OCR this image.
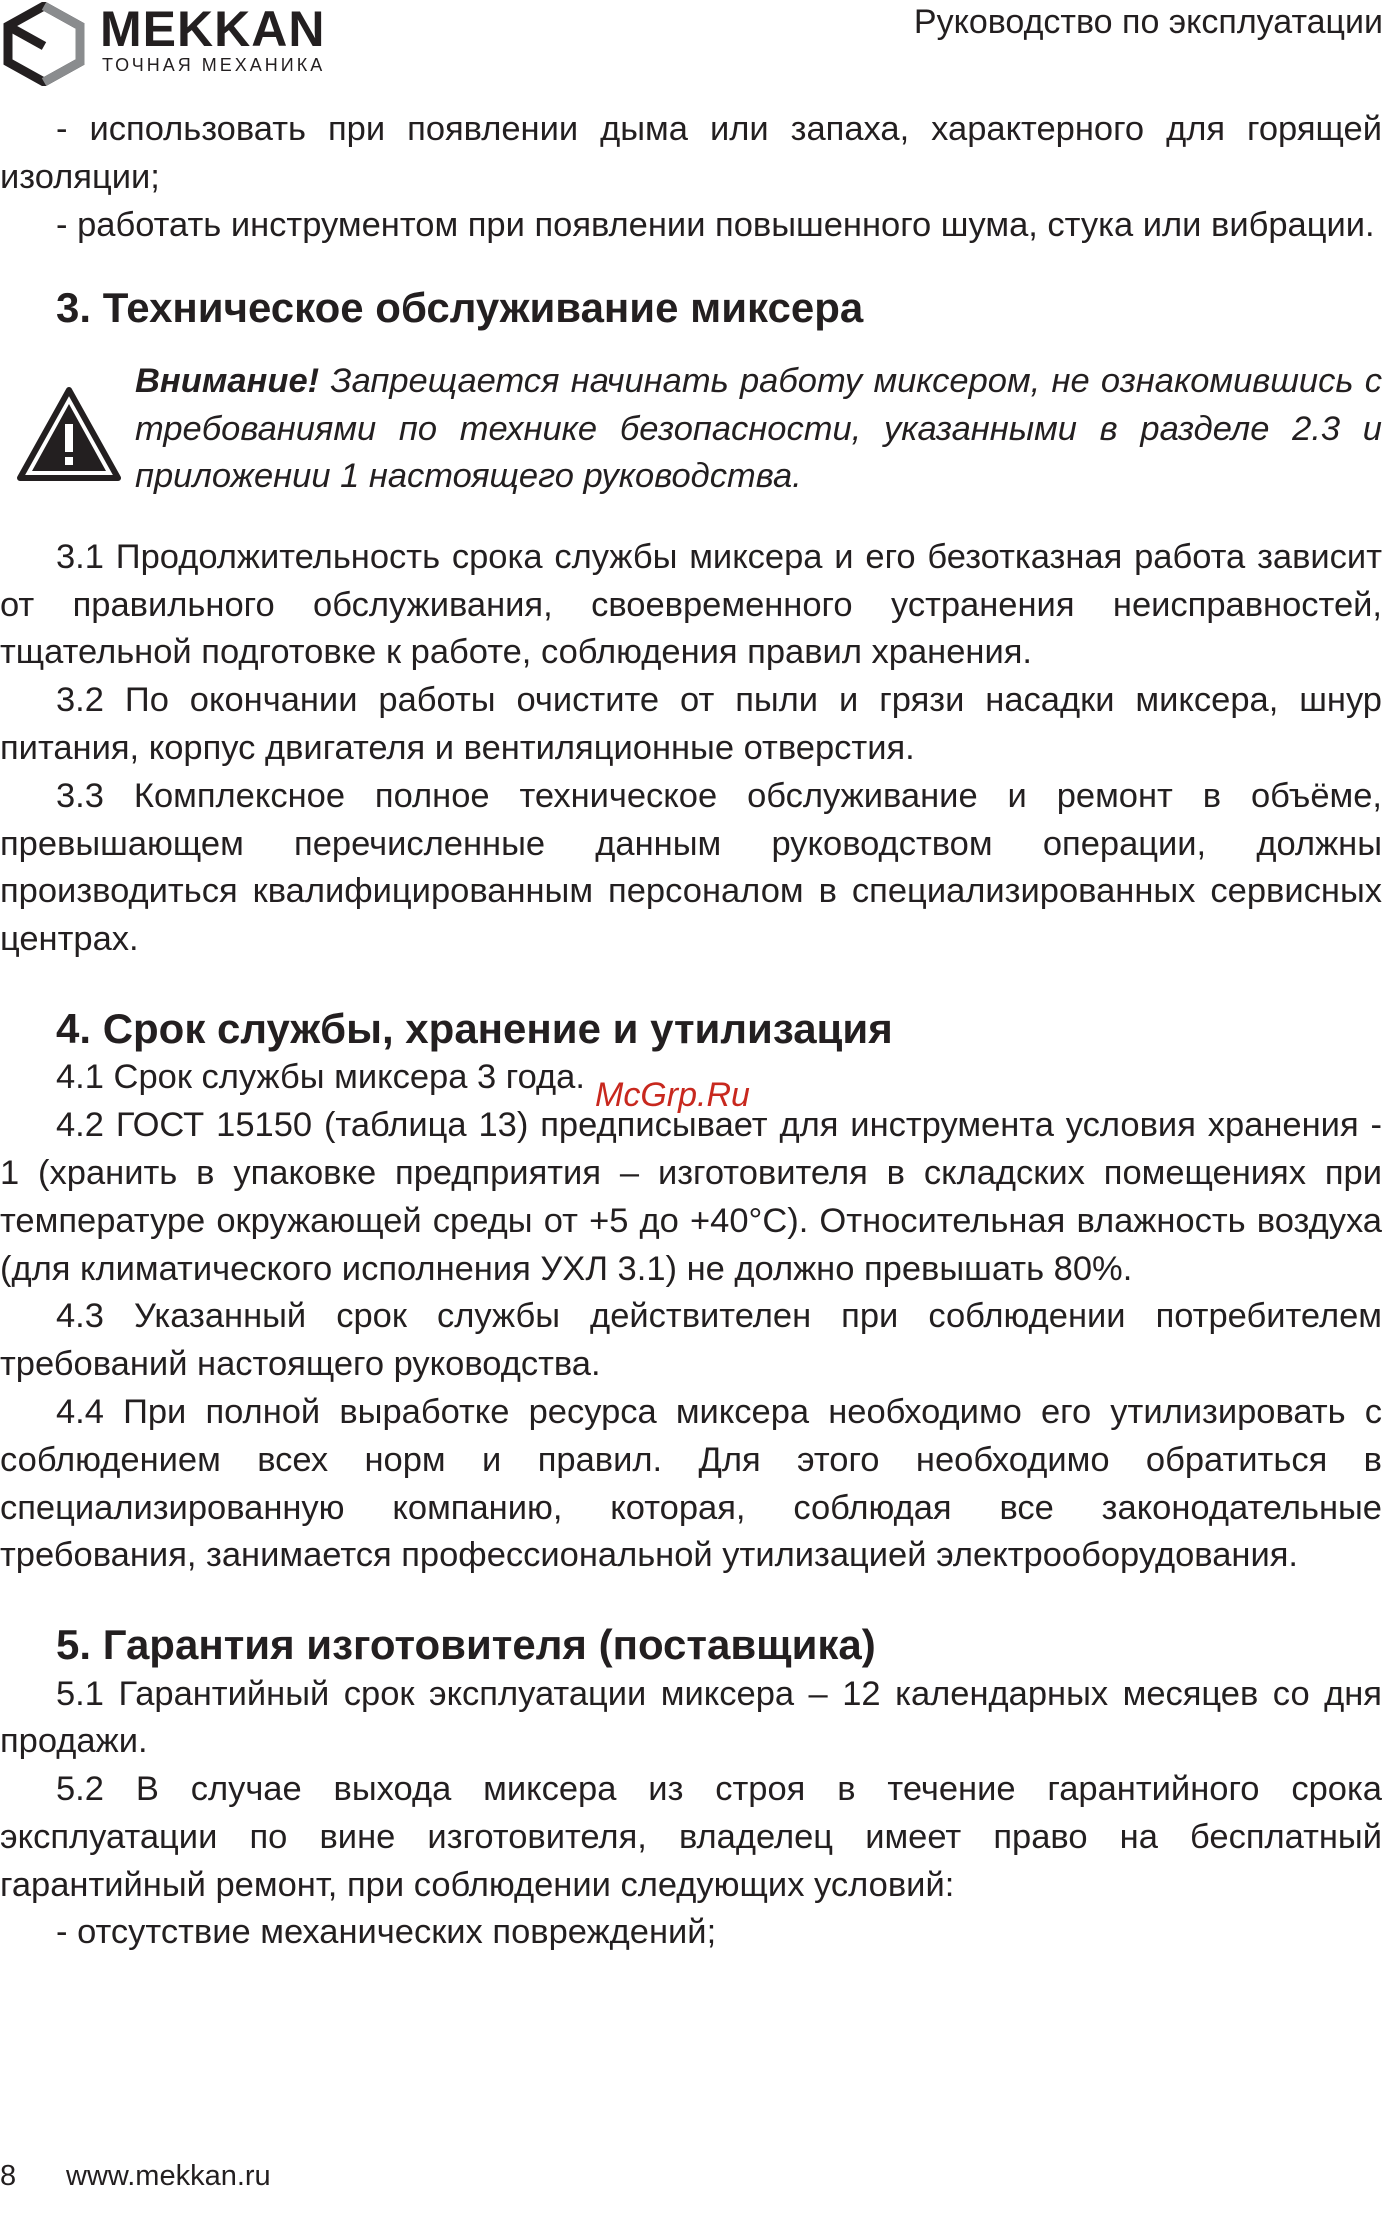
MEKKAN
ТОЧНАЯ МЕХАНИКА
Руководство по эксплуатации

- использовать при появлении дыма или запаха, характерного для горящей изоляции;

- работать инструментом при появлении повышенного шума, стука или вибрации.

3. Техническое обслуживание миксера
Внимание! Запрещается начинать работу миксером, не ознакомившись с требованиями по технике безопасности, указанными в разделе 2.3 и приложении 1 настоящего руководства.

3.1 Продолжительность срока службы миксера и его безотказная работа зависит от правильного обслуживания, своевременного устранения неисправностей, тщательной подготовке к работе, соблюдения правил хранения.

3.2 По окончании работы очистите от пыли и грязи насадки миксера, шнур питания, корпус двигателя и вентиляционные отверстия.

3.3 Комплексное полное техническое обслуживание и ремонт в объёме, превышающем перечисленные данным руководством операции, должны производиться квалифицированным персоналом в специализированных сервисных центрах.

4. Срок службы, хранение и утилизация

4.1 Срок службы миксера 3 года.

4.2 ГОСТ 15150 (таблица 13) предписывает для инструмента условия хранения - 1 (хранить в упаковке предприятия – изготовителя в складских помещениях при температуре окружающей среды от +5 до +40°С). Относительная влажность воздуха (для климатического исполнения УХЛ 3.1) не должно превышать 80%.

4.3 Указанный срок службы действителен при соблюдении потребителем требований настоящего руководства.

4.4 При полной выработке ресурса миксера необходимо его утилизировать с соблюдением всех норм и правил. Для этого необходимо обратиться в специализированную компанию, которая, соблюдая все законодательные требования, занимается профессиональной утилизацией электрооборудования.

5. Гарантия изготовителя (поставщика)

5.1 Гарантийный срок эксплуатации миксера – 12 календарных месяцев со дня продажи.

5.2 В случае выхода миксера из строя в течение гарантийного срока эксплуатации по вине изготовителя, владелец имеет право на бесплатный гарантийный ремонт, при соблюдении следующих условий:

- отсутствие механических повреждений;

McGrp.Ru
8 www.mekkan.ru
